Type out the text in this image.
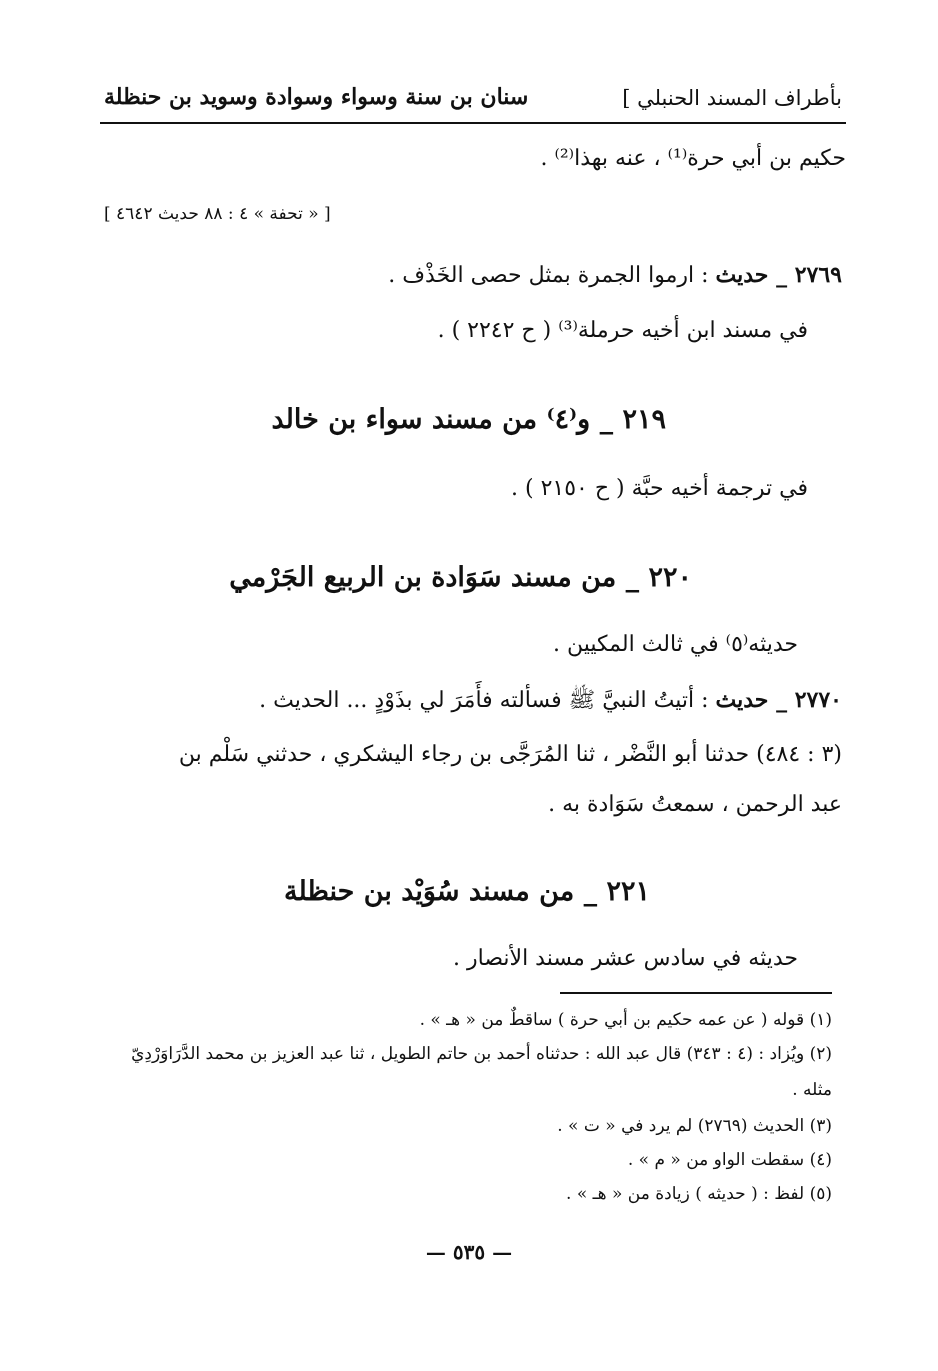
بأطراف المسند الحنبلي ]
سنان بن سنة وسواء وسوادة وسويد بن حنظلة
حكيم بن أبي حرة⁽¹⁾ ، عنه بهذا⁽²⁾ .
[ « تحفة » ٤ : ٨٨ حديث ٤٦٤٢ ]
٢٧٦٩ _ حديث : ارموا الجمرة بمثل حصى الخَذْف .
في مسند ابن أخيه حرملة⁽³⁾ ( ح ٢٢٤٢ ) .
٢١٩ _ و⁽٤⁾ من مسند سواء بن خالد
في ترجمة أخيه حبَّة ( ح ٢١٥٠ ) .
٢٢٠ _ من مسند سَوَادة بن الربيع الجَرْمي
حديثه⁽٥⁾ في ثالث المكيين .
٢٧٧٠ _ حديث : أتيتُ النبيَّ ﷺ فسألته فأَمَرَ لي بذَوْدٍ ... الحديث .
(٣ : ٤٨٤) حدثنا أبو النَّضْر ، ثنا المُرَجَّى بن رجاء اليشكري ، حدثني سَلْم بن
عبد الرحمن ، سمعتُ سَوَادة به .
٢٢١ _ من مسند سُوَيْد بن حنظلة
حديثه في سادس عشر مسند الأنصار .
(١) قوله ( عن عمه حكيم بن أبي حرة ) ساقطٌ من « هـ » .
(٢) ويُزاد : (٤ : ٣٤٣) قال عبد الله : حدثناه أحمد بن حاتم الطويل ، ثنا عبد العزيز بن محمد الدَّرَاوَرْدِيّ
مثله .
(٣) الحديث (٢٧٦٩) لم يرد في « ت » .
(٤) سقطت الواو من « م » .
(٥) لفظ : ( حديثه ) زيادة من « هـ » .
— ٥٣٥ —
